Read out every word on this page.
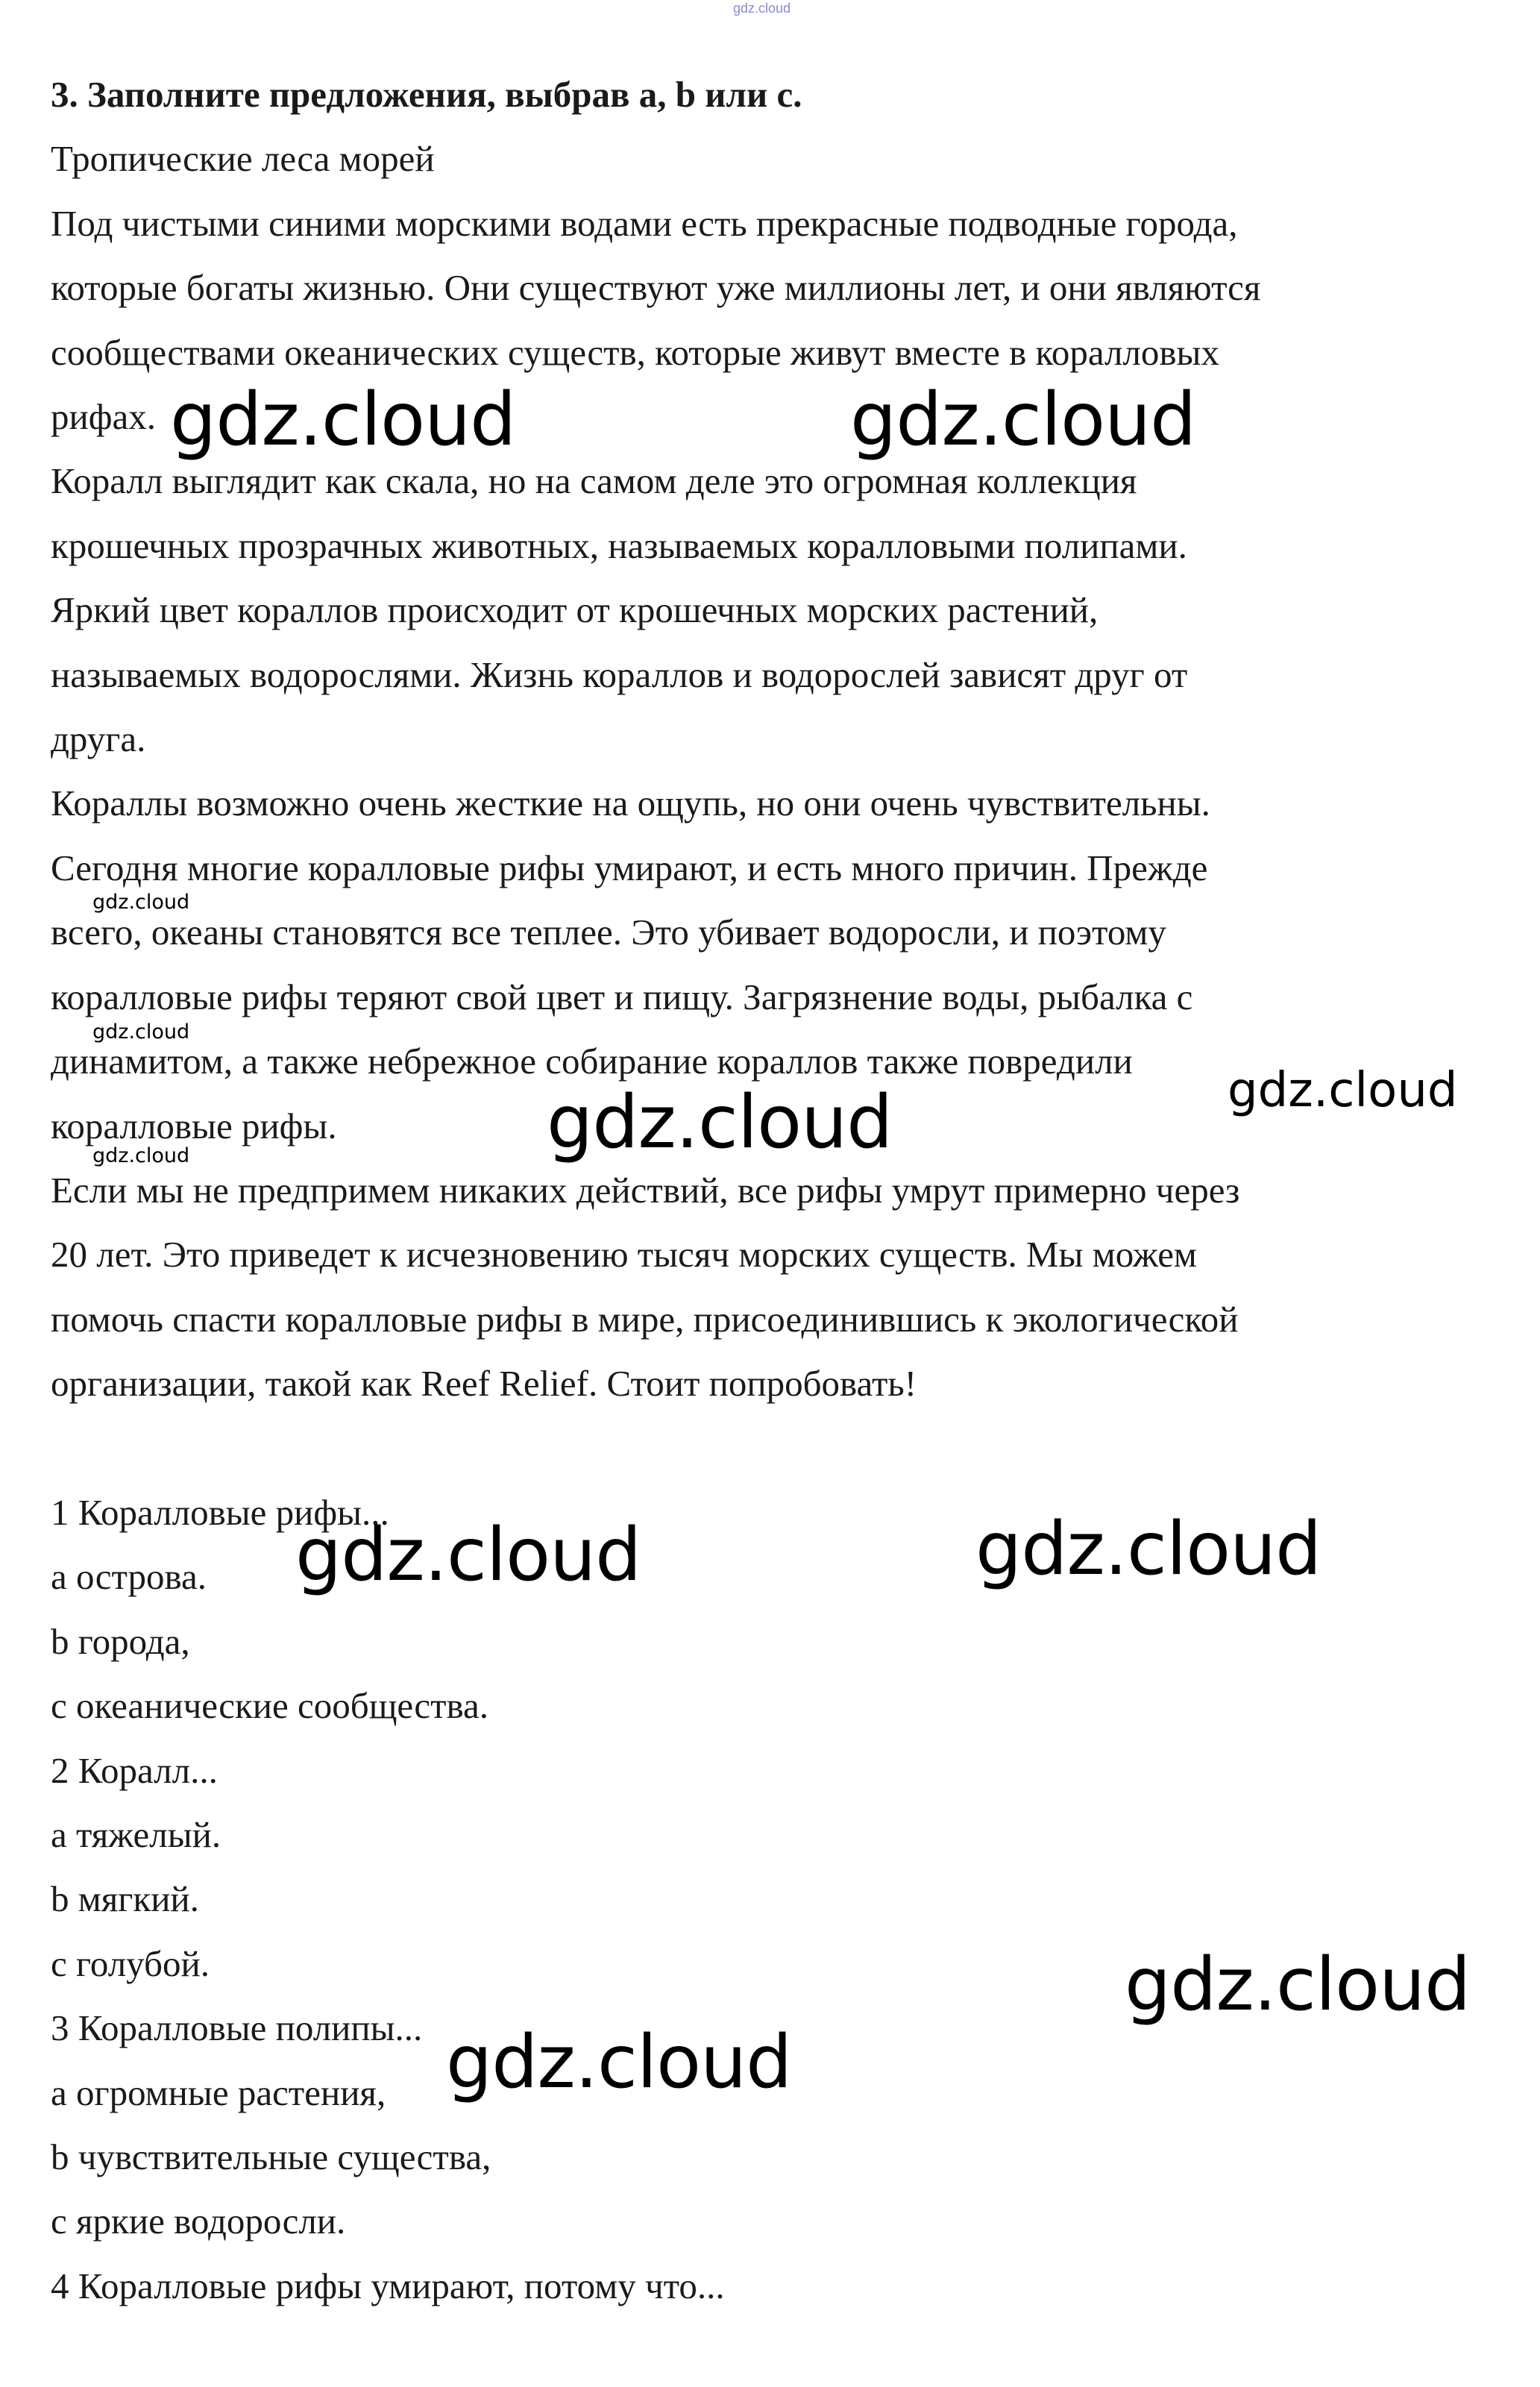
3. Заполните предложения, выбрав a, b или c.
Тропические леса морей
Под чистыми синими морскими водами есть прекрасные подводные города,
которые богаты жизнью. Они существуют уже миллионы лет, и они являются
сообществами океанических существ, которые живут вместе в коралловых
рифах.
Коралл выглядит как скала, но на самом деле это огромная коллекция
крошечных прозрачных животных, называемых коралловыми полипами.
Яркий цвет кораллов происходит от крошечных морских растений,
называемых водорослями. Жизнь кораллов и водорослей зависят друг от
друга.
Кораллы возможно очень жесткие на ощупь, но они очень чувствительны.
Сегодня многие коралловые рифы умирают, и есть много причин. Прежде
всего, океаны становятся все теплее. Это убивает водоросли, и поэтому
коралловые рифы теряют свой цвет и пищу. Загрязнение воды, рыбалка с
динамитом, а также небрежное собирание кораллов также повредили
коралловые рифы.
Если мы не предпримем никаких действий, все рифы умрут примерно через
20 лет. Это приведет к исчезновению тысяч морских существ. Мы можем
помочь спасти коралловые рифы в мире, присоединившись к экологической
организации, такой как Reef Relief. Стоит попробовать!
1 Коралловые рифы...
a острова.
b города,
c океанические сообщества.
2 Коралл...
a тяжелый.
b мягкий.
c голубой.
3 Коралловые полипы...
a огромные растения,
b чувствительные существа,
c яркие водоросли.
4 Коралловые рифы умирают, потому что...
gdz.cloud
gdz.cloud	gdz.cloud
gdz.cloud
gdz.cloud
gdz.cloud
gdz.cloud
gdz.cloud
gdz.cloud	gdz.cloud
gdz.cloud
gdz.cloud
